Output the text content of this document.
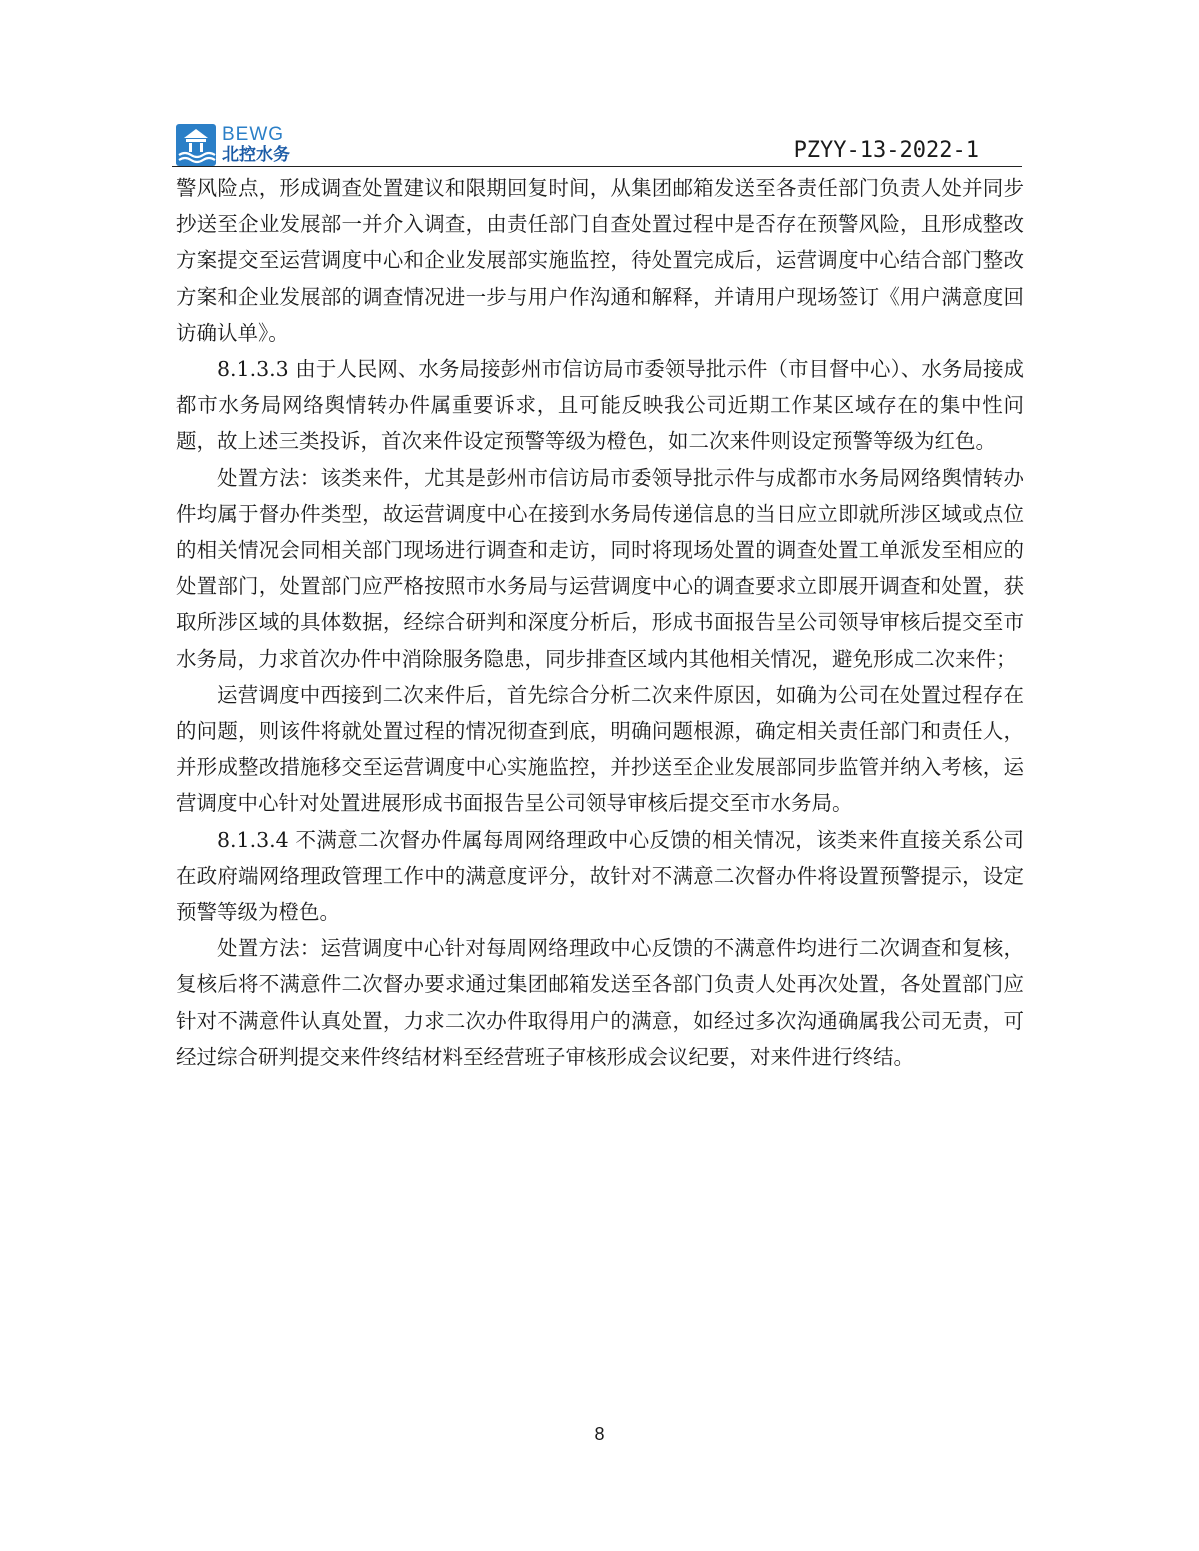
BEWG
北控水务	PZYY-13-2022-1

警风险点，形成调查处置建议和限期回复时间，从集团邮箱发送至各责任部门负责人处并同步抄送至企业发展部一并介入调查，由责任部门自查处置过程中是否存在预警风险，且形成整改方案提交至运营调度中心和企业发展部实施监控，待处置完成后，运营调度中心结合部门整改方案和企业发展部的调查情况进一步与用户作沟通和解释，并请用户现场签订《用户满意度回访确认单》。

8.1.3.3 由于人民网、水务局接彭州市信访局市委领导批示件（市目督中心）、水务局接成都市水务局网络舆情转办件属重要诉求，且可能反映我公司近期工作某区域存在的集中性问题，故上述三类投诉，首次来件设定预警等级为橙色，如二次来件则设定预警等级为红色。

处置方法：该类来件，尤其是彭州市信访局市委领导批示件与成都市水务局网络舆情转办件均属于督办件类型，故运营调度中心在接到水务局传递信息的当日应立即就所涉区域或点位的相关情况会同相关部门现场进行调查和走访，同时将现场处置的调查处置工单派发至相应的处置部门，处置部门应严格按照市水务局与运营调度中心的调查要求立即展开调查和处置，获取所涉区域的具体数据，经综合研判和深度分析后，形成书面报告呈公司领导审核后提交至市水务局，力求首次办件中消除服务隐患，同步排查区域内其他相关情况，避免形成二次来件；

运营调度中西接到二次来件后，首先综合分析二次来件原因，如确为公司在处置过程存在的问题，则该件将就处置过程的情况彻查到底，明确问题根源，确定相关责任部门和责任人，并形成整改措施移交至运营调度中心实施监控，并抄送至企业发展部同步监管并纳入考核，运营调度中心针对处置进展形成书面报告呈公司领导审核后提交至市水务局。

8.1.3.4 不满意二次督办件属每周网络理政中心反馈的相关情况，该类来件直接关系公司在政府端网络理政管理工作中的满意度评分，故针对不满意二次督办件将设置预警提示，设定预警等级为橙色。

处置方法：运营调度中心针对每周网络理政中心反馈的不满意件均进行二次调查和复核，复核后将不满意件二次督办要求通过集团邮箱发送至各部门负责人处再次处置，各处置部门应针对不满意件认真处置，力求二次办件取得用户的满意，如经过多次沟通确属我公司无责，可经过综合研判提交来件终结材料至经营班子审核形成会议纪要，对来件进行终结。

8
